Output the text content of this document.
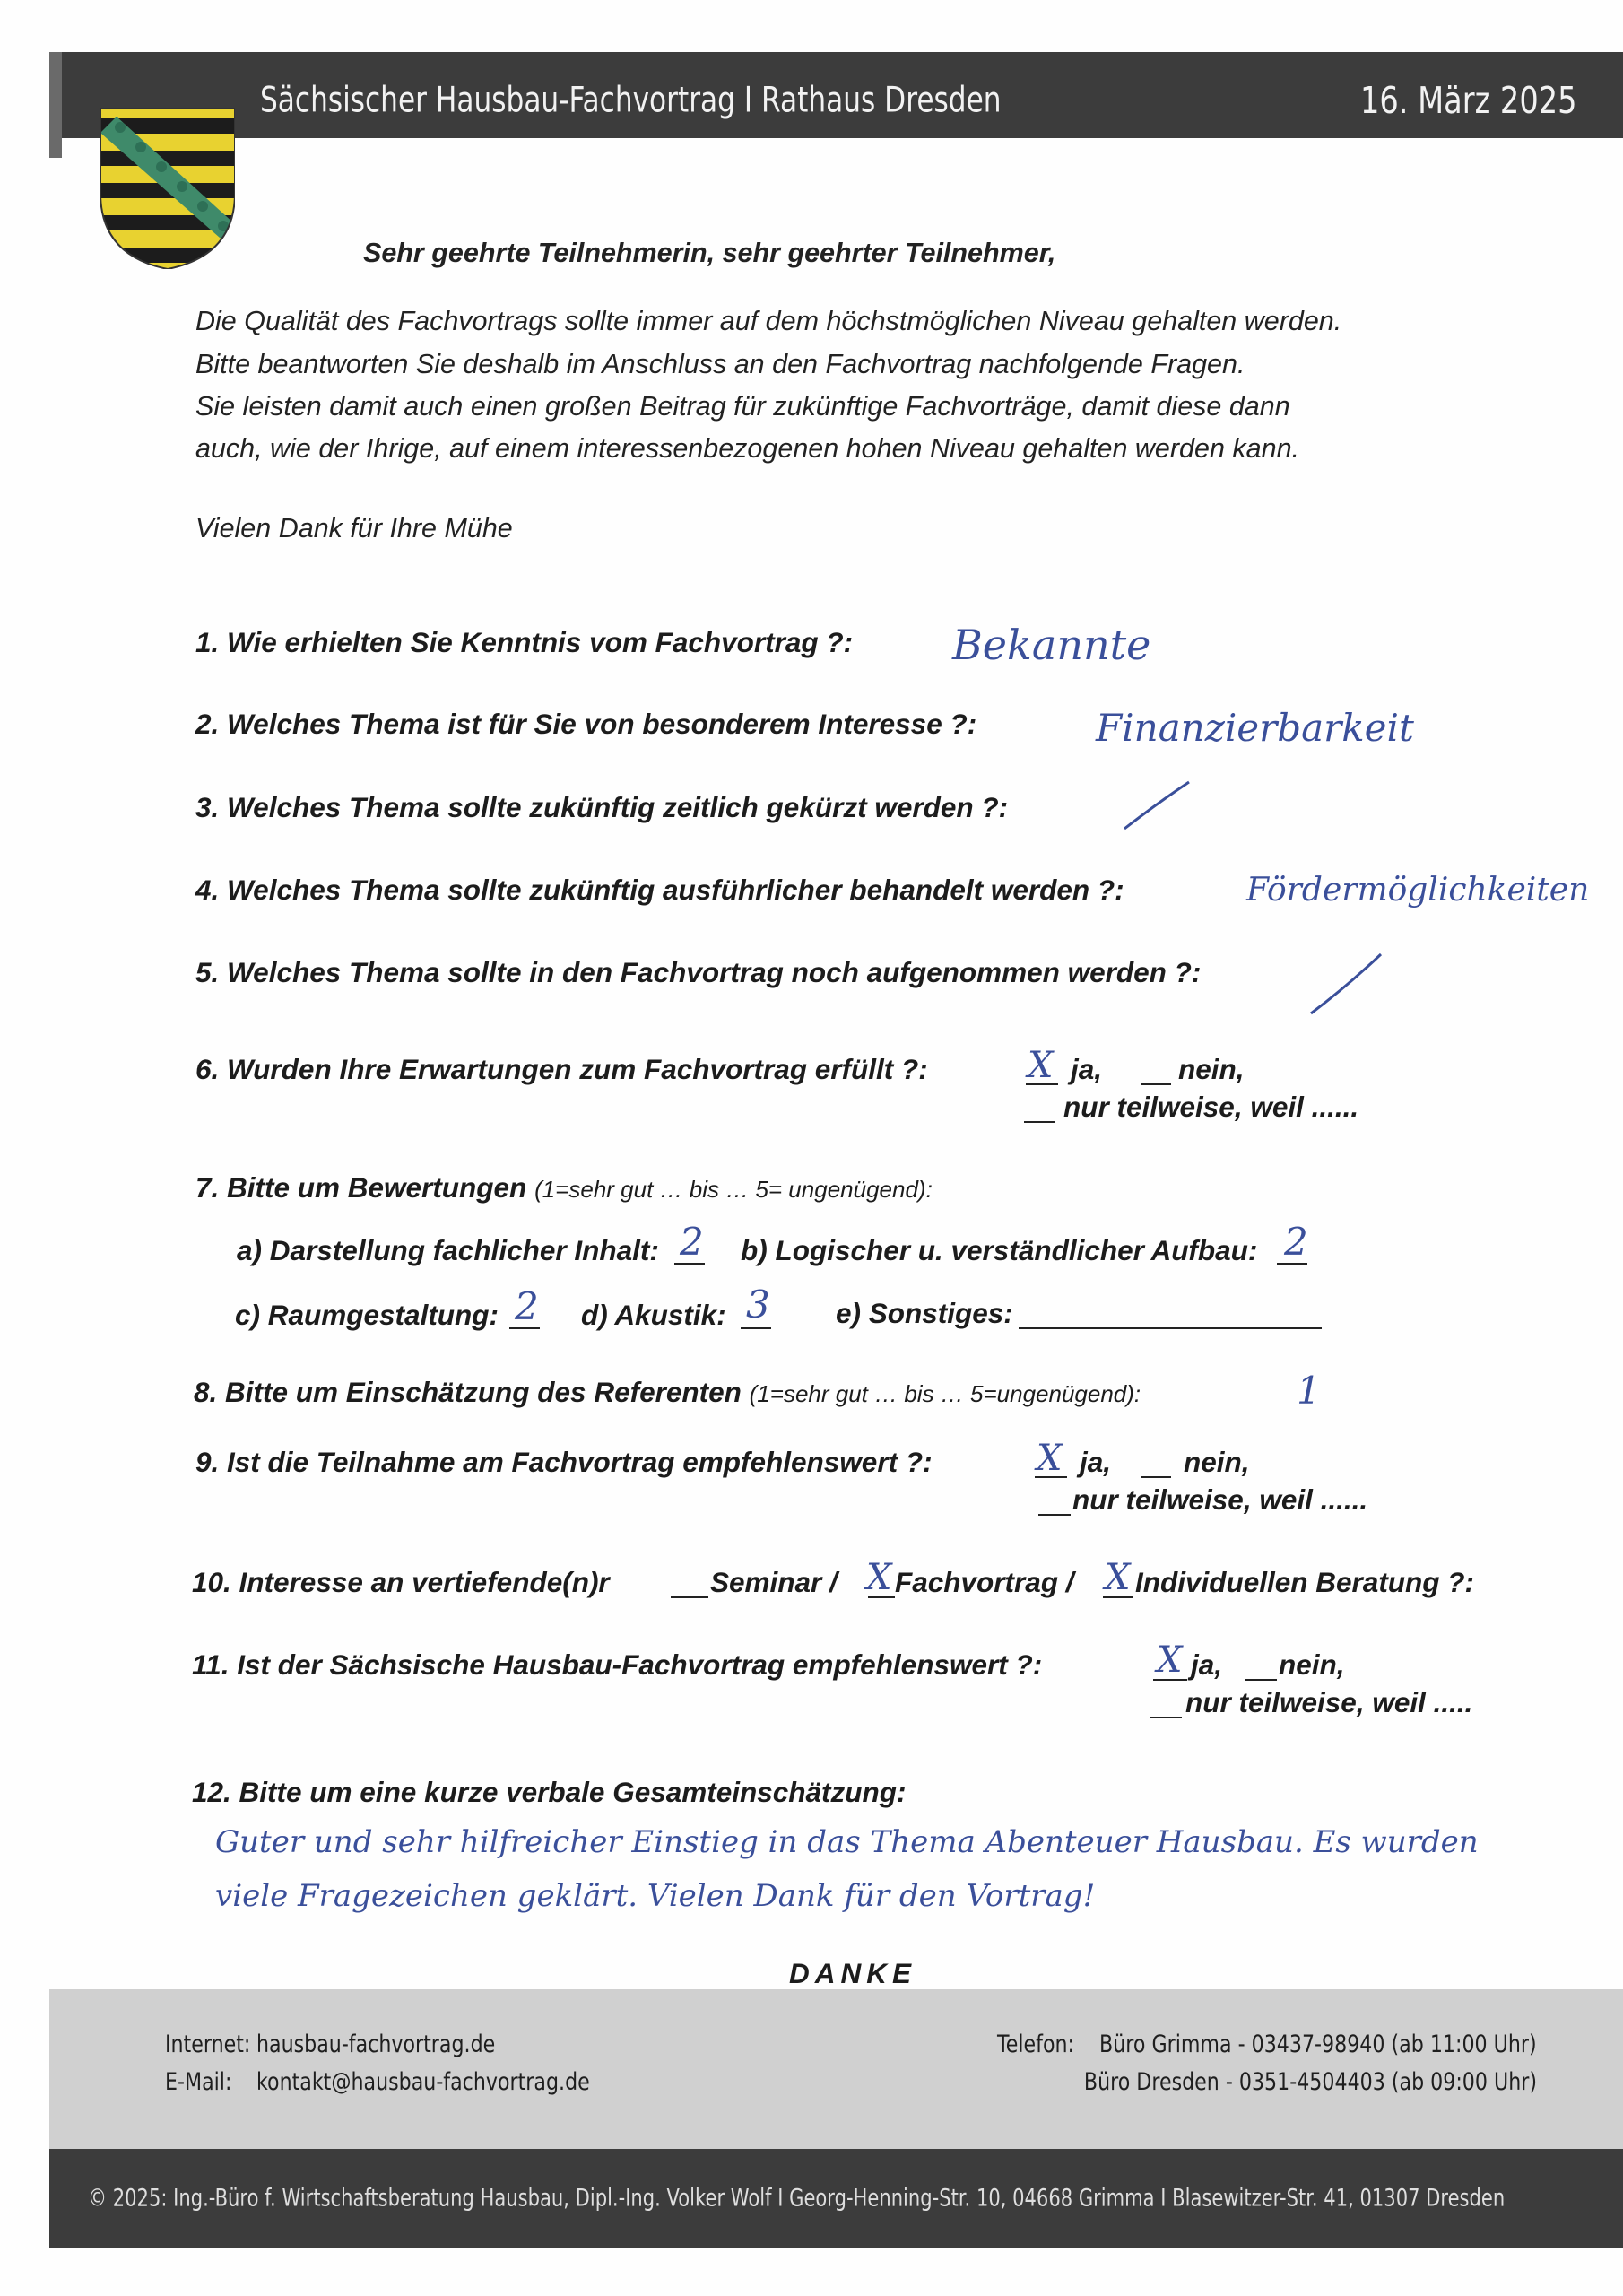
Sächsischer Hausbau-Fachvortrag I Rathaus Dresden	16. März 2025
Sehr geehrte Teilnehmerin, sehr geehrter Teilnehmer,
Die Qualität des Fachvortrags sollte immer auf dem höchstmöglichen Niveau gehalten werden.
Bitte beantworten Sie deshalb im Anschluss an den Fachvortrag nachfolgende Fragen.
Sie leisten damit auch einen großen Beitrag für zukünftige Fachvorträge, damit diese dann
auch, wie der Ihrige, auf einem interessenbezogenen hohen Niveau gehalten werden kann.
Vielen Dank für Ihre Mühe
1. Wie erhielten Sie Kenntnis vom Fachvortrag ?: Bekannte
2. Welches Thema ist für Sie von besonderem Interesse ?:	Finanzierbarkeit
3. Welches Thema sollte zukünftig zeitlich gekürzt werden ?:
4. Welches Thema sollte zukünftig ausführlicher behandelt werden ?:	Fördermöglichkeiten
5. Welches Thema sollte in den Fachvortrag noch aufgenommen werden ?:
6. Wurden Ihre Erwartungen zum Fachvortrag erfüllt ?:	X ja,	nein,
nur teilweise, weil ......
7. Bitte um Bewertungen (1=sehr gut … bis … 5= ungenügend):
a) Darstellung fachlicher Inhalt: 2 b) Logischer u. verständlicher Aufbau: 2
c) Raumgestaltung: 2 d) Akustik: 3 e) Sonstiges:
8. Bitte um Einschätzung des Referenten (1=sehr gut … bis … 5=ungenügend):	1
9. Ist die Teilnahme am Fachvortrag empfehlenswert ?:	X ja,	nein,
nur teilweise, weil ......
10. Interesse an vertiefende(n)r	Seminar / X Fachvortrag / X Individuellen Beratung ?:
11. Ist der Sächsische Hausbau-Fachvortrag empfehlenswert ?:	X ja, nein,
nur teilweise, weil .....
12. Bitte um eine kurze verbale Gesamteinschätzung:
Guter und sehr hilfreicher Einstieg in das Thema Abenteuer Hausbau. Es wurden
viele Fragezeichen geklärt. Vielen Dank für den Vortrag!
DANKE
Internet: hausbau-fachvortrag.de
E-Mail: kontakt@hausbau-fachvortrag.de
Telefon: Büro Grimma - 03437-98940 (ab 11:00 Uhr)
Büro Dresden - 0351-4504403 (ab 09:00 Uhr)
© 2025: Ing.-Büro f. Wirtschaftsberatung Hausbau, Dipl.-Ing. Volker Wolf I Georg-Henning-Str. 10, 04668 Grimma I Blasewitzer-Str. 41, 01307 Dresden
